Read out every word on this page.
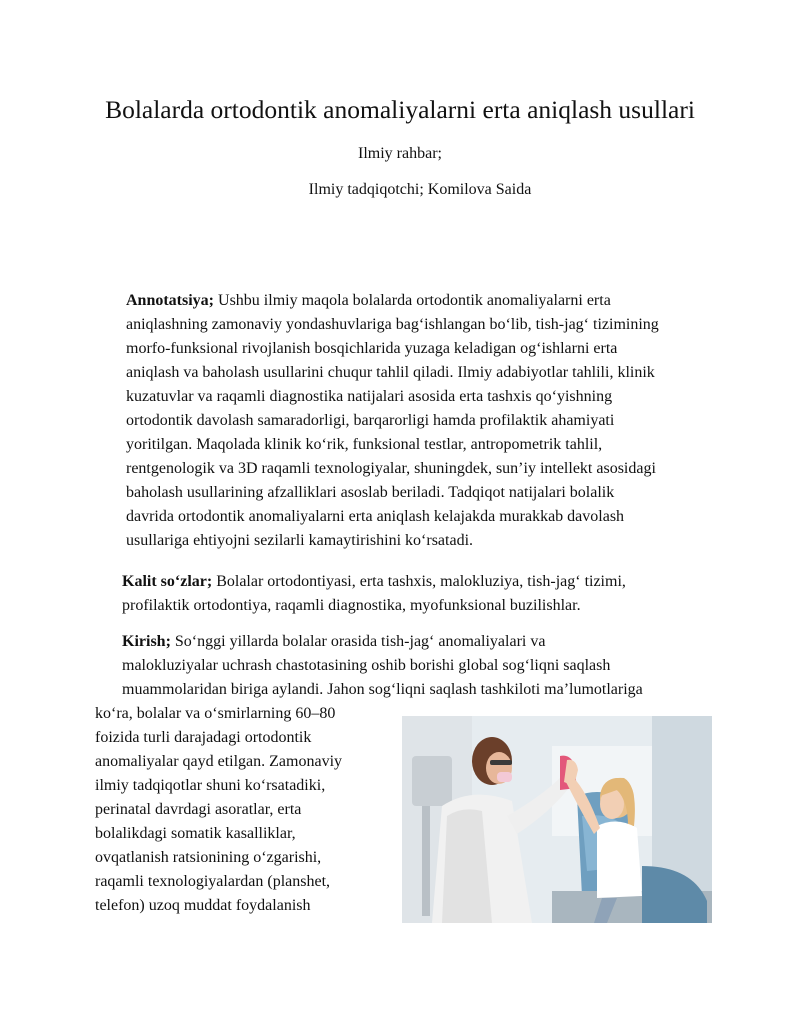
Bolalarda ortodontik anomaliyalarni erta aniqlash usullari

Ilmiy rahbar;

Ilmiy tadqiqotchi; Komilova Saida

Annotatsiya; Ushbu ilmiy maqola bolalarda ortodontik anomaliyalarni erta
aniqlashning zamonaviy yondashuvlariga bag‘ishlangan bo‘lib, tish-jag‘ tizimining
morfo-funksional rivojlanish bosqichlarida yuzaga keladigan og‘ishlarni erta
aniqlash va baholash usullarini chuqur tahlil qiladi. Ilmiy adabiyotlar tahlili, klinik
kuzatuvlar va raqamli diagnostika natijalari asosida erta tashxis qo‘yishning
ortodontik davolash samaradorligi, barqarorligi hamda profilaktik ahamiyati
yoritilgan. Maqolada klinik ko‘rik, funksional testlar, antropometrik tahlil,
rentgenologik va 3D raqamli texnologiyalar, shuningdek, sun’iy intellekt asosidagi
baholash usullarining afzalliklari asoslab beriladi. Tadqiqot natijalari bolalik
davrida ortodontik anomaliyalarni erta aniqlash kelajakda murakkab davolash
usullariga ehtiyojni sezilarli kamaytirishini ko‘rsatadi.

Kalit so‘zlar; Bolalar ortodontiyasi, erta tashxis, malokluziya, tish-jag‘ tizimi,
profilaktik ortodontiya, raqamli diagnostika, myofunksional buzilishlar.

Kirish; So‘nggi yillarda bolalar orasida tish-jag‘ anomaliyalari va
malokluziyalar uchrash chastotasining oshib borishi global sog‘liqni saqlash
muammolaridan biriga aylandi. Jahon sog‘liqni saqlash tashkiloti ma’lumotlariga

ko‘ra, bolalar va o‘smirlarning 60–80
foizida turli darajadagi ortodontik
anomaliyalar qayd etilgan. Zamonaviy
ilmiy tadqiqotlar shuni ko‘rsatadiki,
perinatal davrdagi asoratlar, erta
bolalikdagi somatik kasalliklar,
ovqatlanish ratsionining o‘zgarishi,
raqamli texnologiyalardan (planshet,
telefon) uzoq muddat foydalanish
